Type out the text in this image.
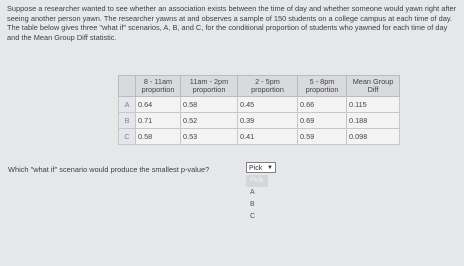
Suppose a researcher wanted to see whether an association exists between the time of day and whether someone would yawn right after seeing another person yawn. The researcher yawns at and observes a sample of 150 students on a college campus at each time of day. The table below gives three "what if" scenarios, A, B, and C, for the conditional proportion of students who yawned for each time of day and the Mean Group Diff statistic.
	8 - 11am proportion	11am - 2pm proportion	2 - 5pm proportion	5 - 8pm proportion	Mean Group Diff
A	0.64	0.58	0.45	0.66	0.115
B	0.71	0.52	0.39	0.69	0.188
C	0.58	0.53	0.41	0.59	0.098
Which "what if" scenario would produce the smallest p-value?	Pick ▼
Pick
A
B
C
